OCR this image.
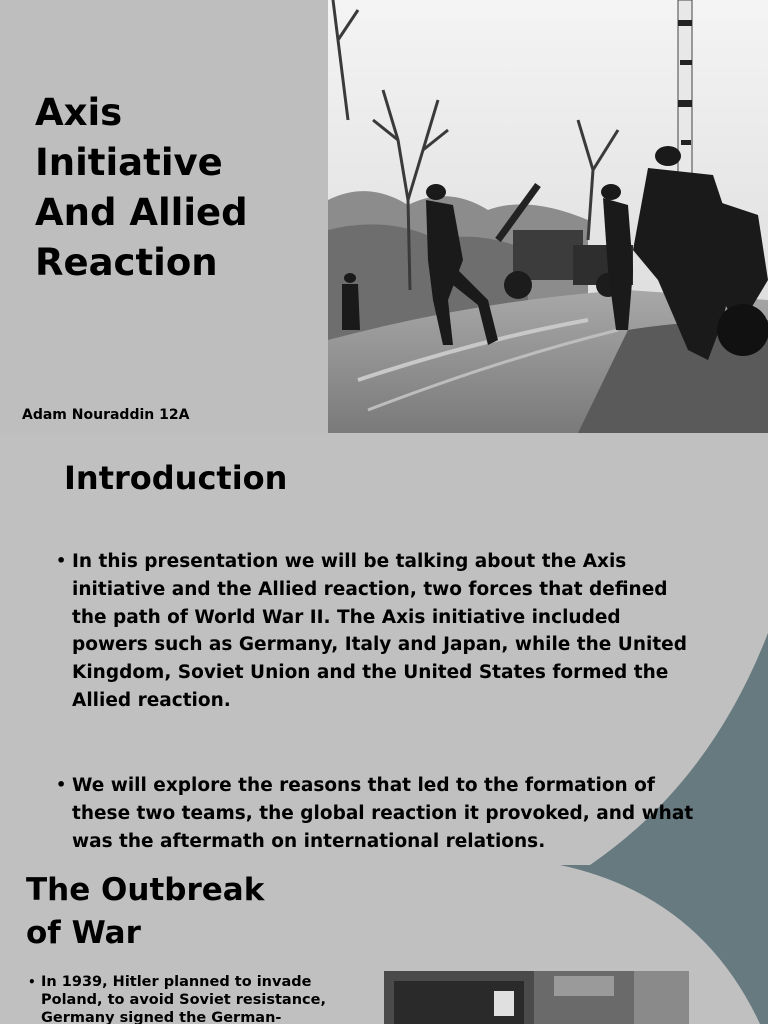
Axis
Initiative
And Allied
Reaction
Adam Nouraddin 12A
Introduction
• In this presentation we will be talking about the Axis initiative and the Allied reaction, two forces that defined the path of World War II. The Axis initiative included powers such as Germany, Italy and Japan, while the United Kingdom, Soviet Union and the United States formed the Allied reaction.
• We will explore the reasons that led to the formation of these two teams, the global reaction it provoked, and what was the aftermath on international relations.
The Outbreak
of War
• In 1939, Hitler planned to invade Poland, to avoid Soviet resistance, Germany signed the German-
